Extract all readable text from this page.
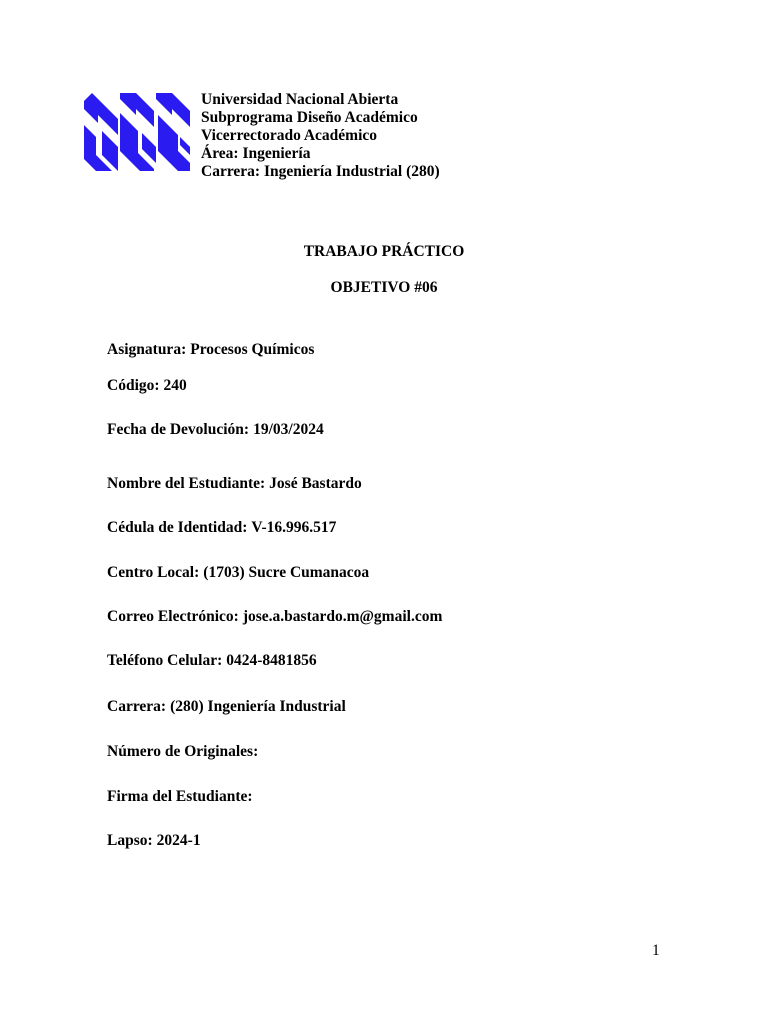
Universidad Nacional Abierta
Subprograma Diseño Académico
Vicerrectorado Académico
Área: Ingeniería
Carrera: Ingeniería Industrial (280)
TRABAJO PRÁCTICO
OBJETIVO #06
Asignatura: Procesos Químicos
Código: 240
Fecha de Devolución: 19/03/2024
Nombre del Estudiante: José Bastardo
Cédula de Identidad: V-16.996.517
Centro Local: (1703) Sucre Cumanacoa
Correo Electrónico: jose.a.bastardo.m@gmail.com
Teléfono Celular: 0424-8481856
Carrera: (280) Ingeniería Industrial
Número de Originales:
Firma del Estudiante:
Lapso: 2024-1
1
